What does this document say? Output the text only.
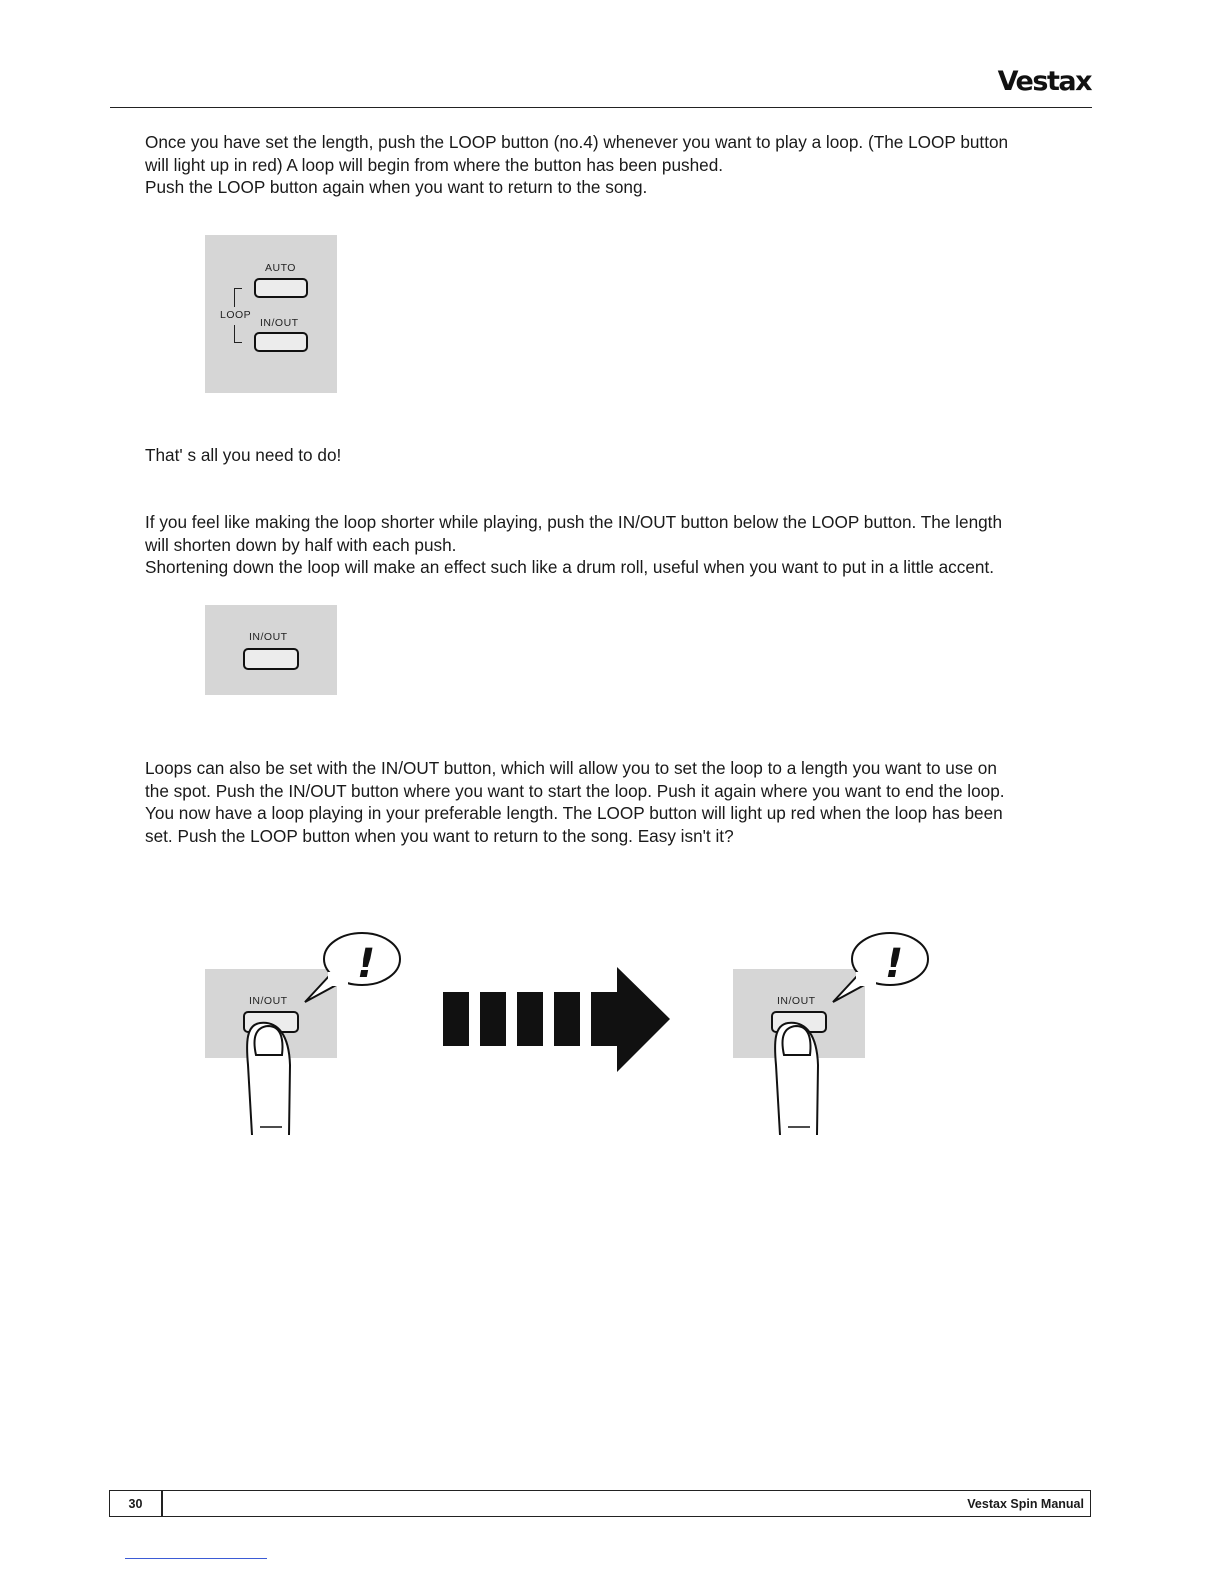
Vestax

Once you have set the length, push the LOOP button (no.4) whenever you want to play a loop. (The LOOP button
will light up in red) A loop will begin from where the button has been pushed.
Push the LOOP button again when you want to return to the song.

AUTO
LOOP
IN/OUT

That' s all you need to do!

If you feel like making the loop shorter while playing, push the IN/OUT button below the LOOP button. The length
will shorten down by half with each push.
Shortening down the loop will make an effect such like a drum roll, useful when you want to put in a little accent.

IN/OUT

Loops can also be set with the IN/OUT button, which will allow you to set the loop to a length you want to use on
the spot. Push the IN/OUT button where you want to start the loop. Push it again where you want to end the loop.
You now have a loop playing in your preferable length. The LOOP button will light up red when the loop has been
set. Push the LOOP button when you want to return to the song. Easy isn't it?

IN/OUT
!
IN/OUT
!
30	Vestax Spin Manual
